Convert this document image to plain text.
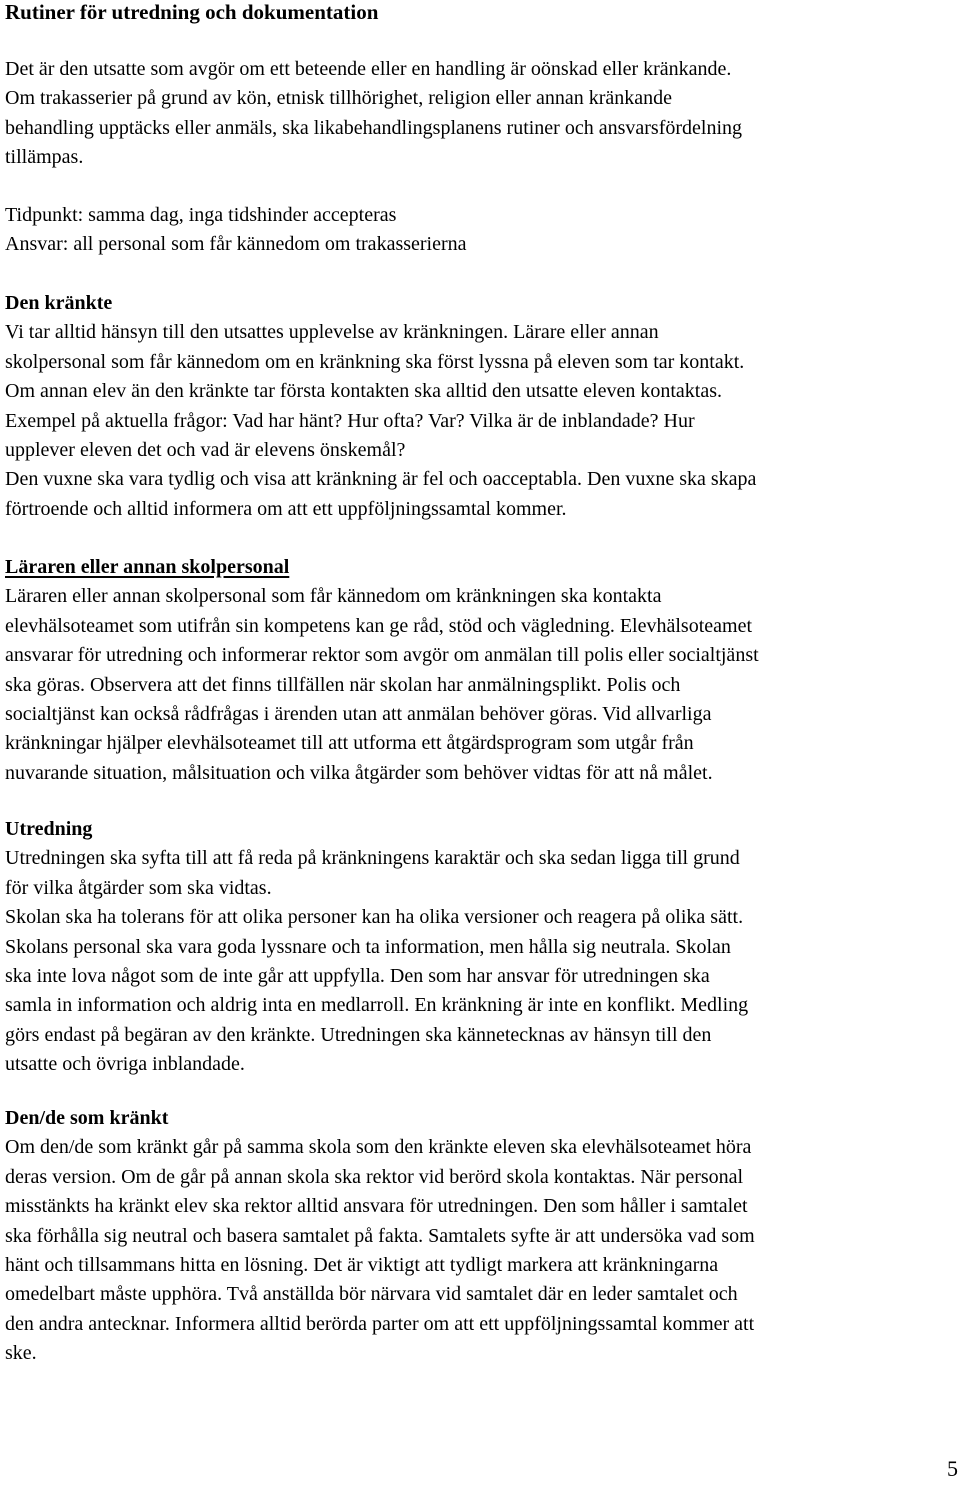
Rutiner för utredning och dokumentation

Det är den utsatte som avgör om ett beteende eller en handling är oönskad eller kränkande.
Om trakasserier på grund av kön, etnisk tillhörighet, religion eller annan kränkande
behandling upptäcks eller anmäls, ska likabehandlingsplanens rutiner och ansvarsfördelning
tillämpas.

Tidpunkt: samma dag, inga tidshinder accepteras
Ansvar: all personal som får kännedom om trakasserierna

Den kränkte
Vi tar alltid hänsyn till den utsattes upplevelse av kränkningen. Lärare eller annan
skolpersonal som får kännedom om en kränkning ska först lyssna på eleven som tar kontakt.
Om annan elev än den kränkte tar första kontakten ska alltid den utsatte eleven kontaktas.
Exempel på aktuella frågor: Vad har hänt? Hur ofta? Var? Vilka är de inblandade? Hur
upplever eleven det och vad är elevens önskemål?
Den vuxne ska vara tydlig och visa att kränkning är fel och oacceptabla. Den vuxne ska skapa
förtroende och alltid informera om att ett uppföljningssamtal kommer.
Läraren eller annan skolpersonal
Läraren eller annan skolpersonal som får kännedom om kränkningen ska kontakta
elevhälsoteamet som utifrån sin kompetens kan ge råd, stöd och vägledning. Elevhälsoteamet
ansvarar för utredning och informerar rektor som avgör om anmälan till polis eller socialtjänst
ska göras. Observera att det finns tillfällen när skolan har anmälningsplikt. Polis och
socialtjänst kan också rådfrågas i ärenden utan att anmälan behöver göras. Vid allvarliga
kränkningar hjälper elevhälsoteamet till att utforma ett åtgärdsprogram som utgår från
nuvarande situation, målsituation och vilka åtgärder som behöver vidtas för att nå målet.
Utredning
Utredningen ska syfta till att få reda på kränkningens karaktär och ska sedan ligga till grund
för vilka åtgärder som ska vidtas.
Skolan ska ha tolerans för att olika personer kan ha olika versioner och reagera på olika sätt.
Skolans personal ska vara goda lyssnare och ta information, men hålla sig neutrala. Skolan
ska inte lova något som de inte går att uppfylla. Den som har ansvar för utredningen ska
samla in information och aldrig inta en medlarroll. En kränkning är inte en konflikt. Medling
görs endast på begäran av den kränkte. Utredningen ska kännetecknas av hänsyn till den
utsatte och övriga inblandade.
Den/de som kränkt
Om den/de som kränkt går på samma skola som den kränkte eleven ska elevhälsoteamet höra
deras version. Om de går på annan skola ska rektor vid berörd skola kontaktas. När personal
misstänkts ha kränkt elev ska rektor alltid ansvara för utredningen. Den som håller i samtalet
ska förhålla sig neutral och basera samtalet på fakta. Samtalets syfte är att undersöka vad som
hänt och tillsammans hitta en lösning. Det är viktigt att tydligt markera att kränkningarna
omedelbart måste upphöra. Två anställda bör närvara vid samtalet där en leder samtalet och
den andra antecknar. Informera alltid berörda parter om att ett uppföljningssamtal kommer att
ske.
5
